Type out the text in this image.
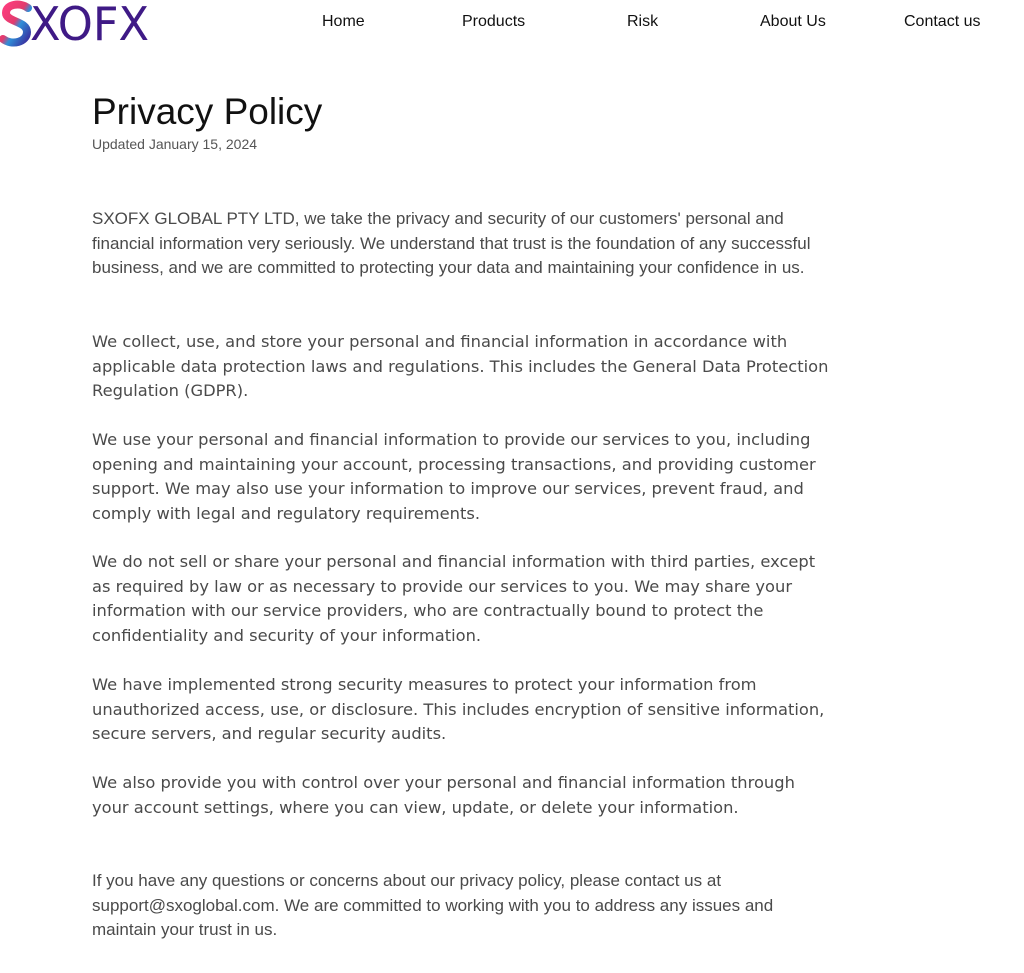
XOFX	Home	Products	Risk	About Us	Contact us
Privacy Policy
Updated January 15, 2024

SXOFX GLOBAL PTY LTD, we take the privacy and security of our customers' personal and financial information very seriously. We understand that trust is the foundation of any successful business, and we are committed to protecting your data and maintaining your confidence in us.

We collect, use, and store your personal and financial information in accordance with applicable data protection laws and regulations. This includes the General Data Protection Regulation (GDPR).

We use your personal and financial information to provide our services to you, including opening and maintaining your account, processing transactions, and providing customer support. We may also use your information to improve our services, prevent fraud, and comply with legal and regulatory requirements.

We do not sell or share your personal and financial information with third parties, except as required by law or as necessary to provide our services to you. We may share your information with our service providers, who are contractually bound to protect the confidentiality and security of your information.

We have implemented strong security measures to protect your information from unauthorized access, use, or disclosure. This includes encryption of sensitive information, secure servers, and regular security audits.

We also provide you with control over your personal and financial information through your account settings, where you can view, update, or delete your information.

If you have any questions or concerns about our privacy policy, please contact us at support@sxoglobal.com. We are committed to working with you to address any issues and maintain your trust in us.
